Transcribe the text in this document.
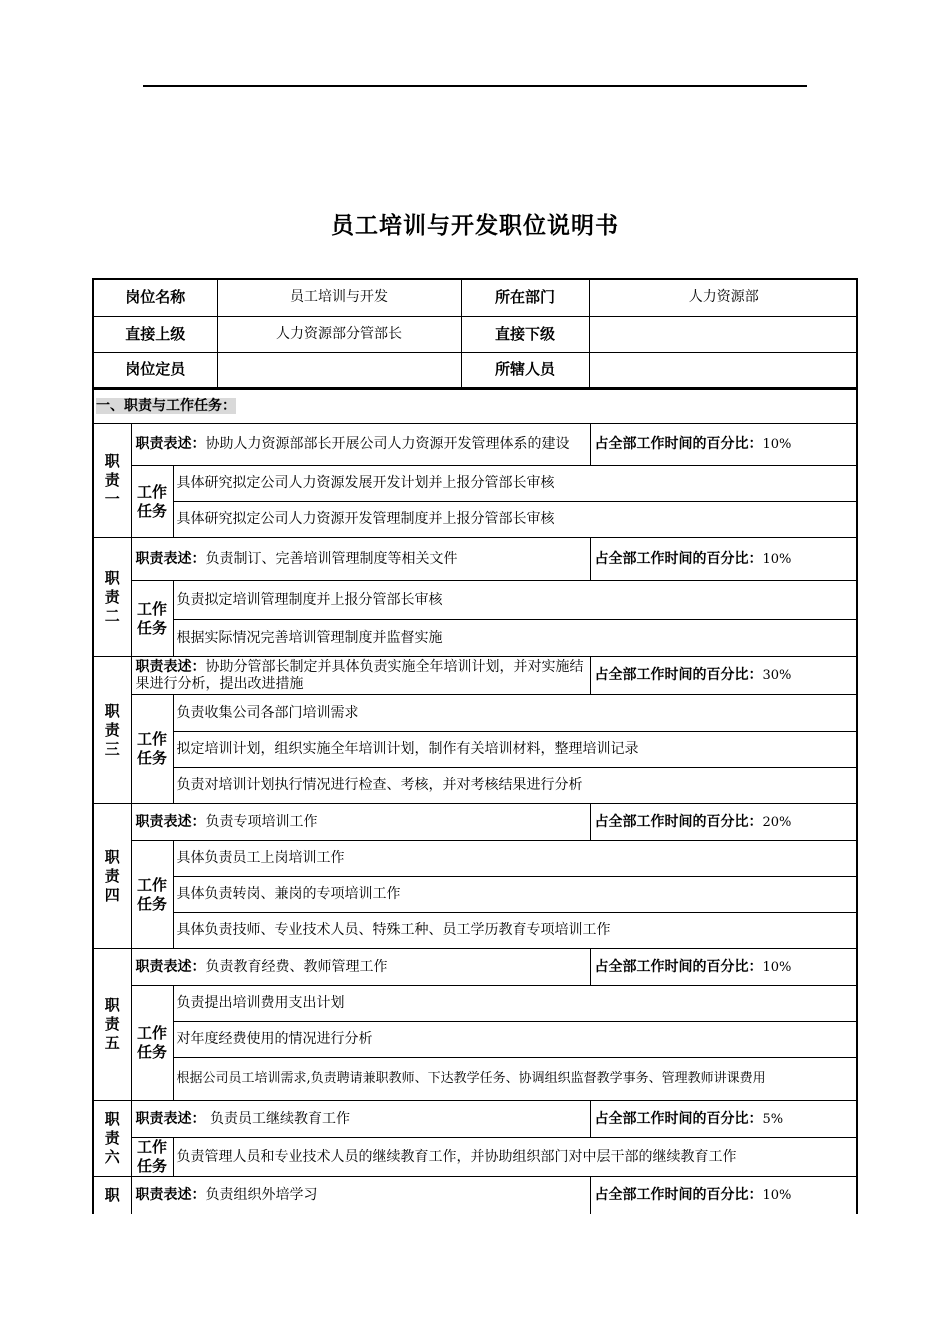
员工培训与开发职位说明书
岗位名称	员工培训与开发	所在部门	人力资源部
直接上级	人力资源部分管部长	直接下级	
岗位定员		所辖人员	
一、职责与工作任务：			
职责一	职责表述：协助人力资源部部长开展公司人力资源开发管理体系的建设		占全部工作时间的百分比：10%
	工作任务	具体研究拟定公司人力资源发展开发计划并上报分管部长审核	
		具体研究拟定公司人力资源开发管理制度并上报分管部长审核	
职责二	职责表述：负责制订、完善培训管理制度等相关文件		占全部工作时间的百分比：10%
	工作任务	负责拟定培训管理制度并上报分管部长审核	
		根据实际情况完善培训管理制度并监督实施	
职责三	职责表述：协助分管部长制定并具体负责实施全年培训计划，并对实施结果进行分析，提出改进措施		占全部工作时间的百分比：30%
	工作任务	负责收集公司各部门培训需求	
		拟定培训计划，组织实施全年培训计划，制作有关培训材料，整理培训记录	
		负责对培训计划执行情况进行检查、考核，并对考核结果进行分析	
职责四	职责表述：负责专项培训工作		占全部工作时间的百分比：20%
	工作任务	具体负责员工上岗培训工作	
		具体负责转岗、兼岗的专项培训工作	
		具体负责技师、专业技术人员、特殊工种、员工学历教育专项培训工作	
职责五	职责表述：负责教育经费、教师管理工作		占全部工作时间的百分比：10%
	工作任务	负责提出培训费用支出计划	
		对年度经费使用的情况进行分析	
		根据公司员工培训需求,负责聘请兼职教师、下达教学任务、协调组织监督教学事务、管理教师讲课费用	
职责六	职责表述： 负责员工继续教育工作		占全部工作时间的百分比：5%
	工作任务	负责管理人员和专业技术人员的继续教育工作，并协助组织部门对中层干部的继续教育工作	
职	职责表述：负责组织外培学习		占全部工作时间的百分比：10%
